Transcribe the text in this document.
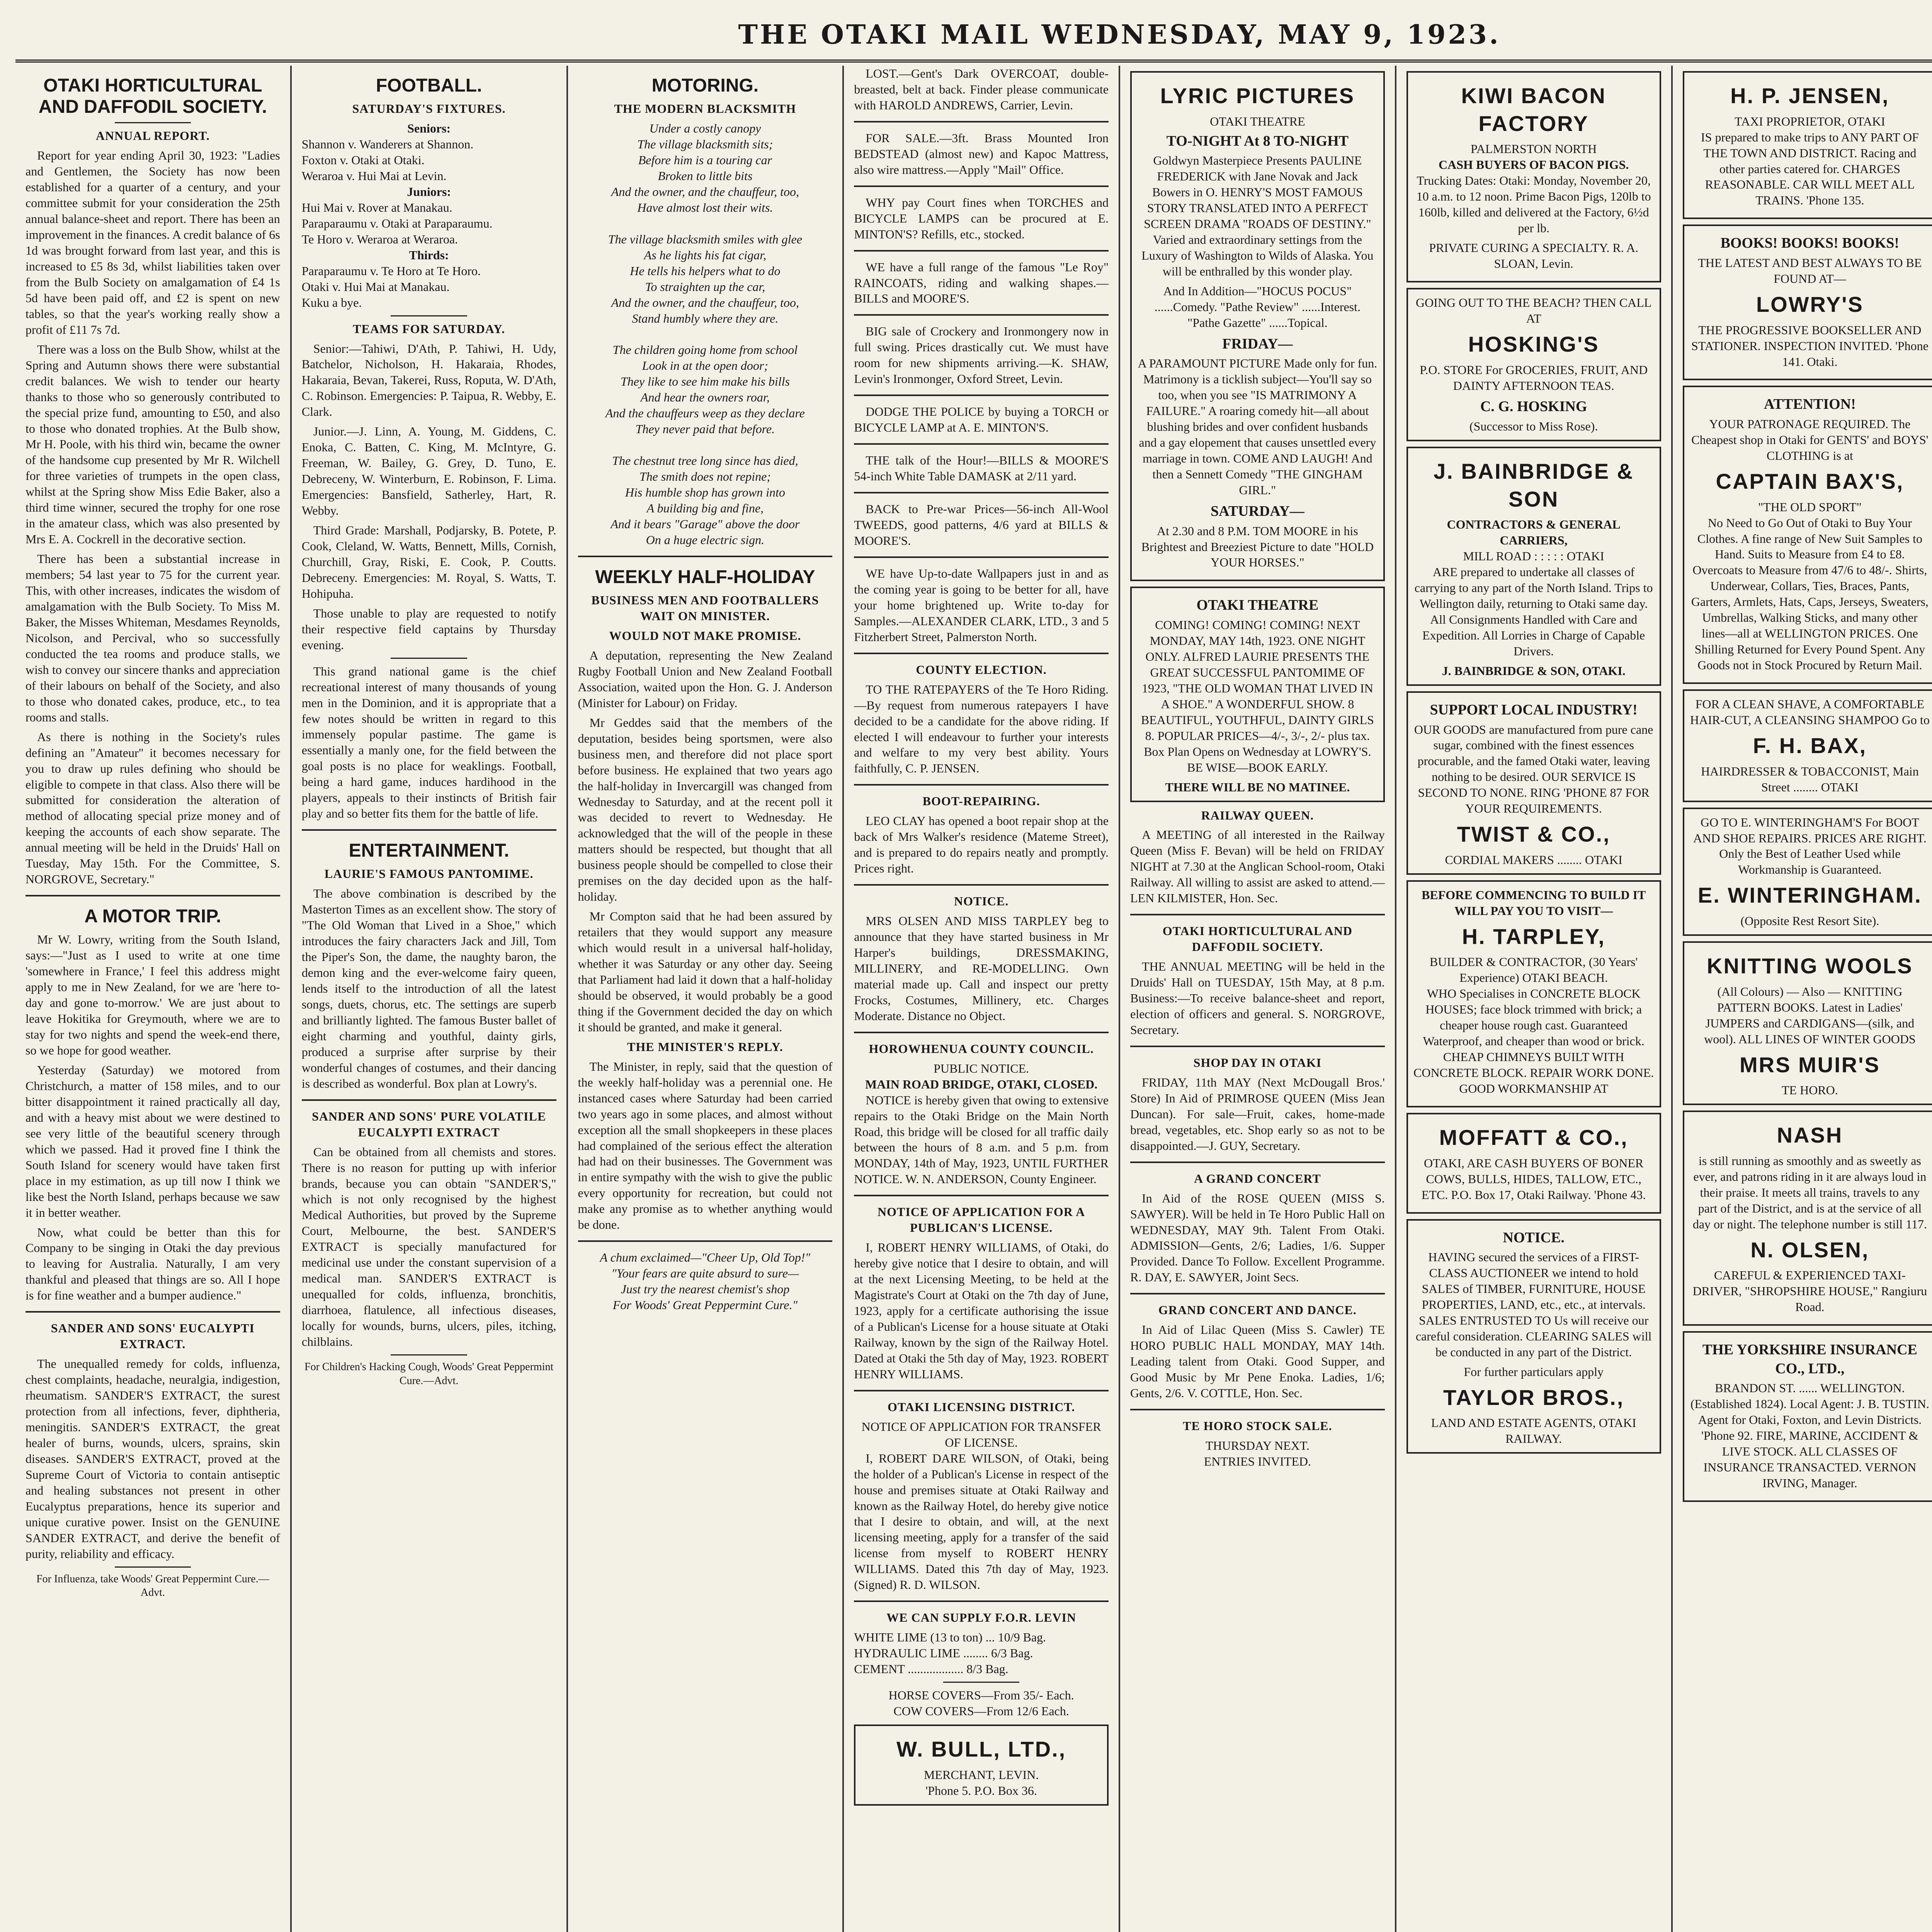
THE OTAKI MAIL WEDNESDAY, MAY 9, 1923.
OTAKI HORTICULTURAL AND DAFFODIL SOCIETY.
ANNUAL REPORT.

Report for year ending April 30, 1923: "Ladies and Gentlemen, the Society has now been established for a quarter of a century, and your committee submit for your consideration the 25th annual balance-sheet and report. There has been an improvement in the finances. A credit balance of 6s 1d was brought forward from last year, and this is increased to £5 8s 3d, whilst liabilities taken over from the Bulb Society on amalgamation of £4 1s 5d have been paid off, and £2 is spent on new tables, so that the year's working really show a profit of £11 7s 7d.

There was a loss on the Bulb Show, whilst at the Spring and Autumn shows there were substantial credit balances. We wish to tender our hearty thanks to those who so generously contributed to the special prize fund, amounting to £50, and also to those who donated trophies. At the Bulb show, Mr H. Poole, with his third win, became the owner of the handsome cup presented by Mr R. Wilchell for three varieties of trumpets in the open class, whilst at the Spring show Miss Edie Baker, also a third time winner, secured the trophy for one rose in the amateur class, which was also presented by Mrs E. A. Cockrell in the decorative section.

There has been a substantial increase in members; 54 last year to 75 for the current year. This, with other increases, indicates the wisdom of amalgamation with the Bulb Society. To Miss M. Baker, the Misses Whiteman, Mesdames Reynolds, Nicolson, and Percival, who so successfully conducted the tea rooms and produce stalls, we wish to convey our sincere thanks and appreciation of their labours on behalf of the Society, and also to those who donated cakes, produce, etc., to tea rooms and stalls.

As there is nothing in the Society's rules defining an "Amateur" it becomes necessary for you to draw up rules defining who should be eligible to compete in that class. Also there will be submitted for consideration the alteration of method of allocating special prize money and of keeping the accounts of each show separate. The annual meeting will be held in the Druids' Hall on Tuesday, May 15th. For the Committee, S. NORGROVE, Secretary."

A MOTOR TRIP.

Mr W. Lowry, writing from the South Island, says:—"Just as I used to write at one time 'somewhere in France,' I feel this address might apply to me in New Zealand, for we are 'here to-day and gone to-morrow.' We are just about to leave Hokitika for Greymouth, where we are to stay for two nights and spend the week-end there, so we hope for good weather.

Yesterday (Saturday) we motored from Christchurch, a matter of 158 miles, and to our bitter disappointment it rained practically all day, and with a heavy mist about we were destined to see very little of the beautiful scenery through which we passed. Had it proved fine I think the South Island for scenery would have taken first place in my estimation, as up till now I think we like best the North Island, perhaps because we saw it in better weather.

Now, what could be better than this for Company to be singing in Otaki the day previous to leaving for Australia. Naturally, I am very thankful and pleased that things are so. All I hope is for fine weather and a bumper audience."

SANDER AND SONS' EUCALYPTI EXTRACT.

The unequalled remedy for colds, influenza, chest complaints, headache, neuralgia, indigestion, rheumatism. SANDER'S EXTRACT, the surest protection from all infections, fever, diphtheria, meningitis. SANDER'S EXTRACT, the great healer of burns, wounds, ulcers, sprains, skin diseases. SANDER'S EXTRACT, proved at the Supreme Court of Victoria to contain antiseptic and healing substances not present in other Eucalyptus preparations, hence its superior and unique curative power. Insist on the GENUINE SANDER EXTRACT, and derive the benefit of purity, reliability and efficacy.

For Influenza, take Woods' Great Peppermint Cure.—Advt.
FOOTBALL.
SATURDAY'S FIXTURES.
Seniors:

Shannon v. Wanderers at Shannon.

Foxton v. Otaki at Otaki.

Weraroa v. Hui Mai at Levin.

Juniors:

Hui Mai v. Rover at Manakau.

Paraparaumu v. Otaki at Paraparaumu.

Te Horo v. Weraroa at Weraroa.

Thirds:

Paraparaumu v. Te Horo at Te Horo.

Otaki v. Hui Mai at Manakau.

Kuku a bye.

TEAMS FOR SATURDAY.

Senior:—Tahiwi, D'Ath, P. Tahiwi, H. Udy, Batchelor, Nicholson, H. Hakaraia, Rhodes, Hakaraia, Bevan, Takerei, Russ, Roputa, W. D'Ath, C. Robinson. Emergencies: P. Taipua, R. Webby, E. Clark.

Junior.—J. Linn, A. Young, M. Giddens, C. Enoka, C. Batten, C. King, M. McIntyre, G. Freeman, W. Bailey, G. Grey, D. Tuno, E. Debreceny, W. Winterburn, E. Robinson, F. Lima. Emergencies: Bansfield, Satherley, Hart, R. Webby.

Third Grade: Marshall, Podjarsky, B. Potete, P. Cook, Cleland, W. Watts, Bennett, Mills, Cornish, Churchill, Gray, Riski, E. Cook, P. Coutts. Debreceny. Emergencies: M. Royal, S. Watts, T. Hohipuha.

Those unable to play are requested to notify their respective field captains by Thursday evening.

This grand national game is the chief recreational interest of many thousands of young men in the Dominion, and it is appropriate that a few notes should be written in regard to this immensely popular pastime. The game is essentially a manly one, for the field between the goal posts is no place for weaklings. Football, being a hard game, induces hardihood in the players, appeals to their instincts of British fair play and so better fits them for the battle of life.

ENTERTAINMENT.
LAURIE'S FAMOUS PANTOMIME.

The above combination is described by the Masterton Times as an excellent show. The story of "The Old Woman that Lived in a Shoe," which introduces the fairy characters Jack and Jill, Tom the Piper's Son, the dame, the naughty baron, the demon king and the ever-welcome fairy queen, lends itself to the introduction of all the latest songs, duets, chorus, etc. The settings are superb and brilliantly lighted. The famous Buster ballet of eight charming and youthful, dainty girls, produced a surprise after surprise by their wonderful changes of costumes, and their dancing is described as wonderful. Box plan at Lowry's.

SANDER AND SONS' PURE VOLATILE EUCALYPTI EXTRACT

Can be obtained from all chemists and stores. There is no reason for putting up with inferior brands, because you can obtain "SANDER'S," which is not only recognised by the highest Medical Authorities, but proved by the Supreme Court, Melbourne, the best. SANDER'S EXTRACT is specially manufactured for medicinal use under the constant supervision of a medical man. SANDER'S EXTRACT is unequalled for colds, influenza, bronchitis, diarrhoea, flatulence, all infectious diseases, locally for wounds, burns, ulcers, piles, itching, chilblains.

For Children's Hacking Cough, Woods' Great Peppermint Cure.—Advt.
MOTORING.
THE MODERN BLACKSMITH

Under a costly canopy

The village blacksmith sits;

Before him is a touring car

Broken to little bits

And the owner, and the chauffeur, too,

Have almost lost their wits.

The village blacksmith smiles with glee

As he lights his fat cigar,

He tells his helpers what to do

To straighten up the car,

And the owner, and the chauffeur, too,

Stand humbly where they are.

The children going home from school

Look in at the open door;

They like to see him make his bills

And hear the owners roar,

And the chauffeurs weep as they declare

They never paid that before.

The chestnut tree long since has died,

The smith does not repine;

His humble shop has grown into

A building big and fine,

And it bears "Garage" above the door

On a huge electric sign.

WEEKLY HALF-HOLIDAY
BUSINESS MEN AND FOOTBALLERS WAIT ON MINISTER.
WOULD NOT MAKE PROMISE.

A deputation, representing the New Zealand Rugby Football Union and New Zealand Football Association, waited upon the Hon. G. J. Anderson (Minister for Labour) on Friday.

Mr Geddes said that the members of the deputation, besides being sportsmen, were also business men, and therefore did not place sport before business. He explained that two years ago the half-holiday in Invercargill was changed from Wednesday to Saturday, and at the recent poll it was decided to revert to Wednesday. He acknowledged that the will of the people in these matters should be respected, but thought that all business people should be compelled to close their premises on the day decided upon as the half-holiday.

Mr Compton said that he had been assured by retailers that they would support any measure which would result in a universal half-holiday, whether it was Saturday or any other day. Seeing that Parliament had laid it down that a half-holiday should be observed, it would probably be a good thing if the Government decided the day on which it should be granted, and make it general.

THE MINISTER'S REPLY.

The Minister, in reply, said that the question of the weekly half-holiday was a perennial one. He instanced cases where Saturday had been carried two years ago in some places, and almost without exception all the small shopkeepers in these places had complained of the serious effect the alteration had had on their businesses. The Government was in entire sympathy with the wish to give the public every opportunity for recreation, but could not make any promise as to whether anything would be done.

A chum exclaimed—"Cheer Up, Old Top!"

"Your fears are quite absurd to sure—

Just try the nearest chemist's shop

For Woods' Great Peppermint Cure."

LOST.—Gent's Dark OVERCOAT, double-breasted, belt at back. Finder please communicate with HAROLD ANDREWS, Carrier, Levin.

FOR SALE.—3ft. Brass Mounted Iron BEDSTEAD (almost new) and Kapoc Mattress, also wire mattress.—Apply "Mail" Office.

WHY pay Court fines when TORCHES and BICYCLE LAMPS can be procured at E. MINTON'S? Refills, etc., stocked.

WE have a full range of the famous "Le Roy" RAINCOATS, riding and walking shapes.—BILLS and MOORE'S.

BIG sale of Crockery and Ironmongery now in full swing. Prices drastically cut. We must have room for new shipments arriving.—K. SHAW, Levin's Ironmonger, Oxford Street, Levin.

DODGE THE POLICE by buying a TORCH or BICYCLE LAMP at A. E. MINTON'S.

THE talk of the Hour!—BILLS & MOORE'S 54-inch White Table DAMASK at 2/11 yard.

BACK to Pre-war Prices—56-inch All-Wool TWEEDS, good patterns, 4/6 yard at BILLS & MOORE'S.

WE have Up-to-date Wallpapers just in and as the coming year is going to be better for all, have your home brightened up. Write to-day for Samples.—ALEXANDER CLARK, LTD., 3 and 5 Fitzherbert Street, Palmerston North.

COUNTY ELECTION.

TO THE RATEPAYERS of the Te Horo Riding.—By request from numerous ratepayers I have decided to be a candidate for the above riding. If elected I will endeavour to further your interests and welfare to my very best ability. Yours faithfully, C. P. JENSEN.

BOOT-REPAIRING.

LEO CLAY has opened a boot repair shop at the back of Mrs Walker's residence (Mateme Street), and is prepared to do repairs neatly and promptly. Prices right.

NOTICE.

MRS OLSEN AND MISS TARPLEY beg to announce that they have started business in Mr Harper's buildings, DRESSMAKING, MILLINERY, and RE-MODELLING. Own material made up. Call and inspect our pretty Frocks, Costumes, Millinery, etc. Charges Moderate. Distance no Object.

HOROWHENUA COUNTY COUNCIL.
PUBLIC NOTICE.
MAIN ROAD BRIDGE, OTAKI, CLOSED.

NOTICE is hereby given that owing to extensive repairs to the Otaki Bridge on the Main North Road, this bridge will be closed for all traffic daily between the hours of 8 a.m. and 5 p.m. from MONDAY, 14th of May, 1923, UNTIL FURTHER NOTICE. W. N. ANDERSON, County Engineer.

NOTICE OF APPLICATION FOR A PUBLICAN'S LICENSE.

I, ROBERT HENRY WILLIAMS, of Otaki, do hereby give notice that I desire to obtain, and will at the next Licensing Meeting, to be held at the Magistrate's Court at Otaki on the 7th day of June, 1923, apply for a certificate authorising the issue of a Publican's License for a house situate at Otaki Railway, known by the sign of the Railway Hotel. Dated at Otaki the 5th day of May, 1923. ROBERT HENRY WILLIAMS.

OTAKI LICENSING DISTRICT.
NOTICE OF APPLICATION FOR TRANSFER OF LICENSE.

I, ROBERT DARE WILSON, of Otaki, being the holder of a Publican's License in respect of the house and premises situate at Otaki Railway and known as the Railway Hotel, do hereby give notice that I desire to obtain, and will, at the next licensing meeting, apply for a transfer of the said license from myself to ROBERT HENRY WILLIAMS. Dated this 7th day of May, 1923. (Signed) R. D. WILSON.

WE CAN SUPPLY F.O.R. LEVIN

WHITE LIME (13 to ton) ... 10/9 Bag.

HYDRAULIC LIME ........ 6/3 Bag.

CEMENT .................. 8/3 Bag.

HORSE COVERS—From 35/- Each.
COW COVERS—From 12/6 Each.
W. BULL, LTD.,
MERCHANT, LEVIN.
'Phone 5. P.O. Box 36.
LYRIC PICTURES
OTAKI THEATRE
TO-NIGHT At 8 TO-NIGHT

Goldwyn Masterpiece Presents PAULINE FREDERICK with Jane Novak and Jack Bowers in O. HENRY'S MOST FAMOUS STORY TRANSLATED INTO A PERFECT SCREEN DRAMA "ROADS OF DESTINY." Varied and extraordinary settings from the Luxury of Washington to Wilds of Alaska. You will be enthralled by this wonder play.

And In Addition—"HOCUS POCUS" ......Comedy. "Pathe Review" ......Interest. "Pathe Gazette" ......Topical.

FRIDAY—

A PARAMOUNT PICTURE Made only for fun. Matrimony is a ticklish subject—You'll say so too, when you see "IS MATRIMONY A FAILURE." A roaring comedy hit—all about blushing brides and over confident husbands and a gay elopement that causes unsettled every marriage in town. COME AND LAUGH! And then a Sennett Comedy "THE GINGHAM GIRL."

SATURDAY—

At 2.30 and 8 P.M. TOM MOORE in his Brightest and Breeziest Picture to date "HOLD YOUR HORSES."

OTAKI THEATRE

COMING! COMING! COMING! NEXT MONDAY, MAY 14th, 1923. ONE NIGHT ONLY. ALFRED LAURIE PRESENTS THE GREAT SUCCESSFUL PANTOMIME OF 1923, "THE OLD WOMAN THAT LIVED IN A SHOE." A WONDERFUL SHOW. 8 BEAUTIFUL, YOUTHFUL, DAINTY GIRLS 8. POPULAR PRICES—4/-, 3/-, 2/- plus tax. Box Plan Opens on Wednesday at LOWRY'S. BE WISE—BOOK EARLY.

THERE WILL BE NO MATINEE.
RAILWAY QUEEN.

A MEETING of all interested in the Railway Queen (Miss F. Bevan) will be held on FRIDAY NIGHT at 7.30 at the Anglican School-room, Otaki Railway. All willing to assist are asked to attend.—LEN KILMISTER, Hon. Sec.

OTAKI HORTICULTURAL AND DAFFODIL SOCIETY.

THE ANNUAL MEETING will be held in the Druids' Hall on TUESDAY, 15th May, at 8 p.m. Business:—To receive balance-sheet and report, election of officers and general. S. NORGROVE, Secretary.

SHOP DAY IN OTAKI

FRIDAY, 11th MAY (Next McDougall Bros.' Store) In Aid of PRIMROSE QUEEN (Miss Jean Duncan). For sale—Fruit, cakes, home-made bread, vegetables, etc. Shop early so as not to be disappointed.—J. GUY, Secretary.

A GRAND CONCERT

In Aid of the ROSE QUEEN (MISS S. SAWYER). Will be held in Te Horo Public Hall on WEDNESDAY, MAY 9th. Talent From Otaki. ADMISSION—Gents, 2/6; Ladies, 1/6. Supper Provided. Dance To Follow. Excellent Programme. R. DAY, E. SAWYER, Joint Secs.

GRAND CONCERT AND DANCE.

In Aid of Lilac Queen (Miss S. Cawler) TE HORO PUBLIC HALL MONDAY, MAY 14th. Leading talent from Otaki. Good Supper, and Good Music by Mr Pene Enoka. Ladies, 1/6; Gents, 2/6. V. COTTLE, Hon. Sec.

TE HORO STOCK SALE.
THURSDAY NEXT.
ENTRIES INVITED.
KIWI BACON FACTORY
PALMERSTON NORTH
CASH BUYERS OF BACON PIGS.

Trucking Dates: Otaki: Monday, November 20, 10 a.m. to 12 noon. Prime Bacon Pigs, 120lb to 160lb, killed and delivered at the Factory, 6½d per lb.

PRIVATE CURING A SPECIALTY. R. A. SLOAN, Levin.

GOING OUT TO THE BEACH? THEN CALL AT
HOSKING'S

P.O. STORE For GROCERIES, FRUIT, AND DAINTY AFTERNOON TEAS.

C. G. HOSKING
(Successor to Miss Rose).
J. BAINBRIDGE & SON
CONTRACTORS & GENERAL CARRIERS,
MILL ROAD : : : : : OTAKI

ARE prepared to undertake all classes of carrying to any part of the North Island. Trips to Wellington daily, returning to Otaki same day. All Consignments Handled with Care and Expedition. All Lorries in Charge of Capable Drivers.

J. BAINBRIDGE & SON, OTAKI.
SUPPORT LOCAL INDUSTRY!

OUR GOODS are manufactured from pure cane sugar, combined with the finest essences procurable, and the famed Otaki water, leaving nothing to be desired. OUR SERVICE IS SECOND TO NONE. RING 'PHONE 87 FOR YOUR REQUIREMENTS.

TWIST & CO.,
CORDIAL MAKERS ........ OTAKI
BEFORE COMMENCING TO BUILD IT WILL PAY YOU TO VISIT—
H. TARPLEY,
BUILDER & CONTRACTOR, (30 Years' Experience) OTAKI BEACH.

WHO Specialises in CONCRETE BLOCK HOUSES; face block trimmed with brick; a cheaper house rough cast. Guaranteed Waterproof, and cheaper than wood or brick. CHEAP CHIMNEYS BUILT WITH CONCRETE BLOCK. REPAIR WORK DONE. GOOD WORKMANSHIP AT

MOFFATT & CO.,

OTAKI, ARE CASH BUYERS OF BONER COWS, BULLS, HIDES, TALLOW, ETC., ETC. P.O. Box 17, Otaki Railway. 'Phone 43.

NOTICE.

HAVING secured the services of a FIRST-CLASS AUCTIONEER we intend to hold SALES of TIMBER, FURNITURE, HOUSE PROPERTIES, LAND, etc., etc., at intervals. SALES ENTRUSTED TO Us will receive our careful consideration. CLEARING SALES will be conducted in any part of the District.

For further particulars apply
TAYLOR BROS.,
LAND AND ESTATE AGENTS, OTAKI RAILWAY.
H. P. JENSEN,
TAXI PROPRIETOR, OTAKI

IS prepared to make trips to ANY PART OF THE TOWN AND DISTRICT. Racing and other parties catered for. CHARGES REASONABLE. CAR WILL MEET ALL TRAINS. 'Phone 135.

BOOKS! BOOKS! BOOKS!
THE LATEST AND BEST ALWAYS TO BE FOUND AT—
LOWRY'S

THE PROGRESSIVE BOOKSELLER AND STATIONER. INSPECTION INVITED. 'Phone 141. Otaki.

ATTENTION!

YOUR PATRONAGE REQUIRED. The Cheapest shop in Otaki for GENTS' and BOYS' CLOTHING is at

CAPTAIN BAX'S,
"THE OLD SPORT"

No Need to Go Out of Otaki to Buy Your Clothes. A fine range of New Suit Samples to Hand. Suits to Measure from £4 to £8. Overcoats to Measure from 47/6 to 48/-. Shirts, Underwear, Collars, Ties, Braces, Pants, Garters, Armlets, Hats, Caps, Jerseys, Sweaters, Umbrellas, Walking Sticks, and many other lines—all at WELLINGTON PRICES. One Shilling Returned for Every Pound Spent. Any Goods not in Stock Procured by Return Mail.

FOR A CLEAN SHAVE, A COMFORTABLE HAIR-CUT, A CLEANSING SHAMPOO Go to

F. H. BAX,
HAIRDRESSER & TOBACCONIST, Main Street ........ OTAKI

GO TO E. WINTERINGHAM'S For BOOT AND SHOE REPAIRS. PRICES ARE RIGHT. Only the Best of Leather Used while Workmanship is Guaranteed.

E. WINTERINGHAM.
(Opposite Rest Resort Site).
KNITTING WOOLS

(All Colours) — Also — KNITTING PATTERN BOOKS. Latest in Ladies' JUMPERS and CARDIGANS—(silk, and wool). ALL LINES OF WINTER GOODS

MRS MUIR'S
TE HORO.
NASH

is still running as smoothly and as sweetly as ever, and patrons riding in it are always loud in their praise. It meets all trains, travels to any part of the District, and is at the service of all day or night. The telephone number is still 117.

N. OLSEN,

CAREFUL & EXPERIENCED TAXI-DRIVER, "SHROPSHIRE HOUSE," Rangiuru Road.

THE YORKSHIRE INSURANCE CO., LTD.,

BRANDON ST. ...... WELLINGTON. (Established 1824). Local Agent: J. B. TUSTIN. Agent for Otaki, Foxton, and Levin Districts. 'Phone 92. FIRE, MARINE, ACCIDENT & LIVE STOCK. ALL CLASSES OF INSURANCE TRANSACTED. VERNON IRVING, Manager.
